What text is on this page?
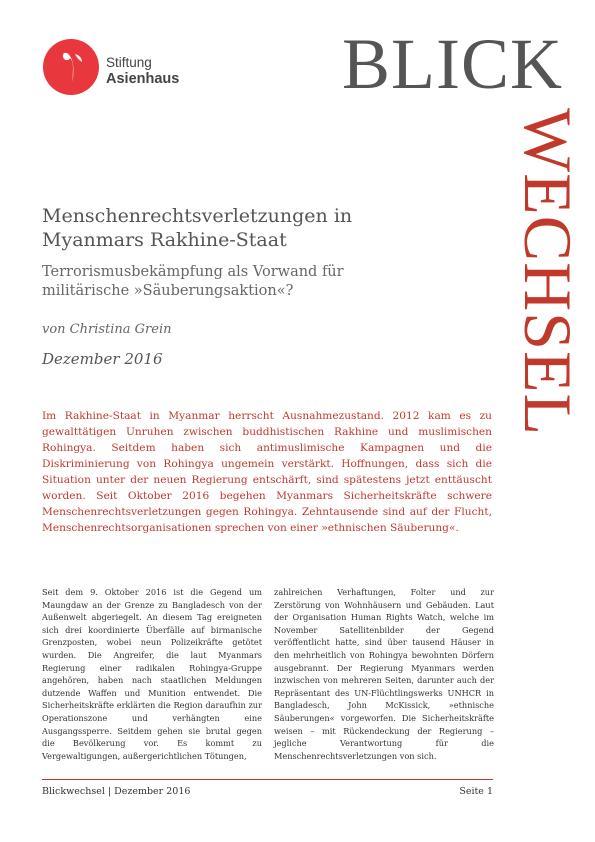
Stiftung
Asienhaus BLICK
WECHSEL
Menschenrechtsverletzungen in Myanmars Rakhine-Staat

Terrorismusbekämpfung als Vorwand für militärische »Säuberungsaktion«?

von Christina Grein
Dezember 2016

Im Rakhine-Staat in Myanmar herrscht Ausnahmezustand. 2012 kam es zu gewalttätigen Unruhen zwischen buddhistischen Rakhine und muslimischen Rohingya. Seitdem haben sich antimuslimische Kampagnen und die Diskriminierung von Rohingya ungemein verstärkt. Hoffnungen, dass sich die Situation unter der neuen Regierung entschärft, sind spätestens jetzt enttäuscht worden. Seit Oktober 2016 begehen Myanmars Sicherheitskräfte schwere Menschenrechtsverletzungen gegen Rohingya. Zehntausende sind auf der Flucht, Menschenrechtsorganisationen sprechen von einer »ethnischen Säuberung«.

Seit dem 9. Oktober 2016 ist die Gegend um Maungdaw an der Grenze zu Bangladesch von der Außenwelt abgeriegelt. An diesem Tag ereigneten sich drei koordinierte Überfälle auf birmanische Grenzposten, wobei neun Polizeikräfte getötet wurden. Die Angreifer, die laut Myanmars Regierung einer radikalen Rohingya-Gruppe angehören, haben nach staatlichen Meldungen dutzende Waffen und Munition entwendet. Die Sicherheitskräfte erklärten die Region daraufhin zur Operationszone und verhängten eine Ausgangssperre. Seitdem gehen sie brutal gegen die Bevölkerung vor. Es kommt zu Vergewaltigungen, außergerichtlichen Tötungen,

zahlreichen Verhaftungen, Folter und zur Zerstörung von Wohnhäusern und Gebäuden. Laut der Organisation Human Rights Watch, welche im November Satellitenbilder der Gegend veröffentlicht hatte, sind über tausend Häuser in den mehrheitlich von Rohingya bewohnten Dörfern ausgebrannt. Der Regierung Myanmars werden inzwischen von mehreren Seiten, darunter auch der Repräsentant des UN-Flüchtlingswerks UNHCR in Bangladesch, John McKissick, »ethnische Säuberungen« vorgeworfen. Die Sicherheitskräfte weisen – mit Rückendeckung der Regierung – jegliche Verantwortung für die Menschenrechtsverletzungen von sich.

Blickwechsel | Dezember 2016	Seite 1
